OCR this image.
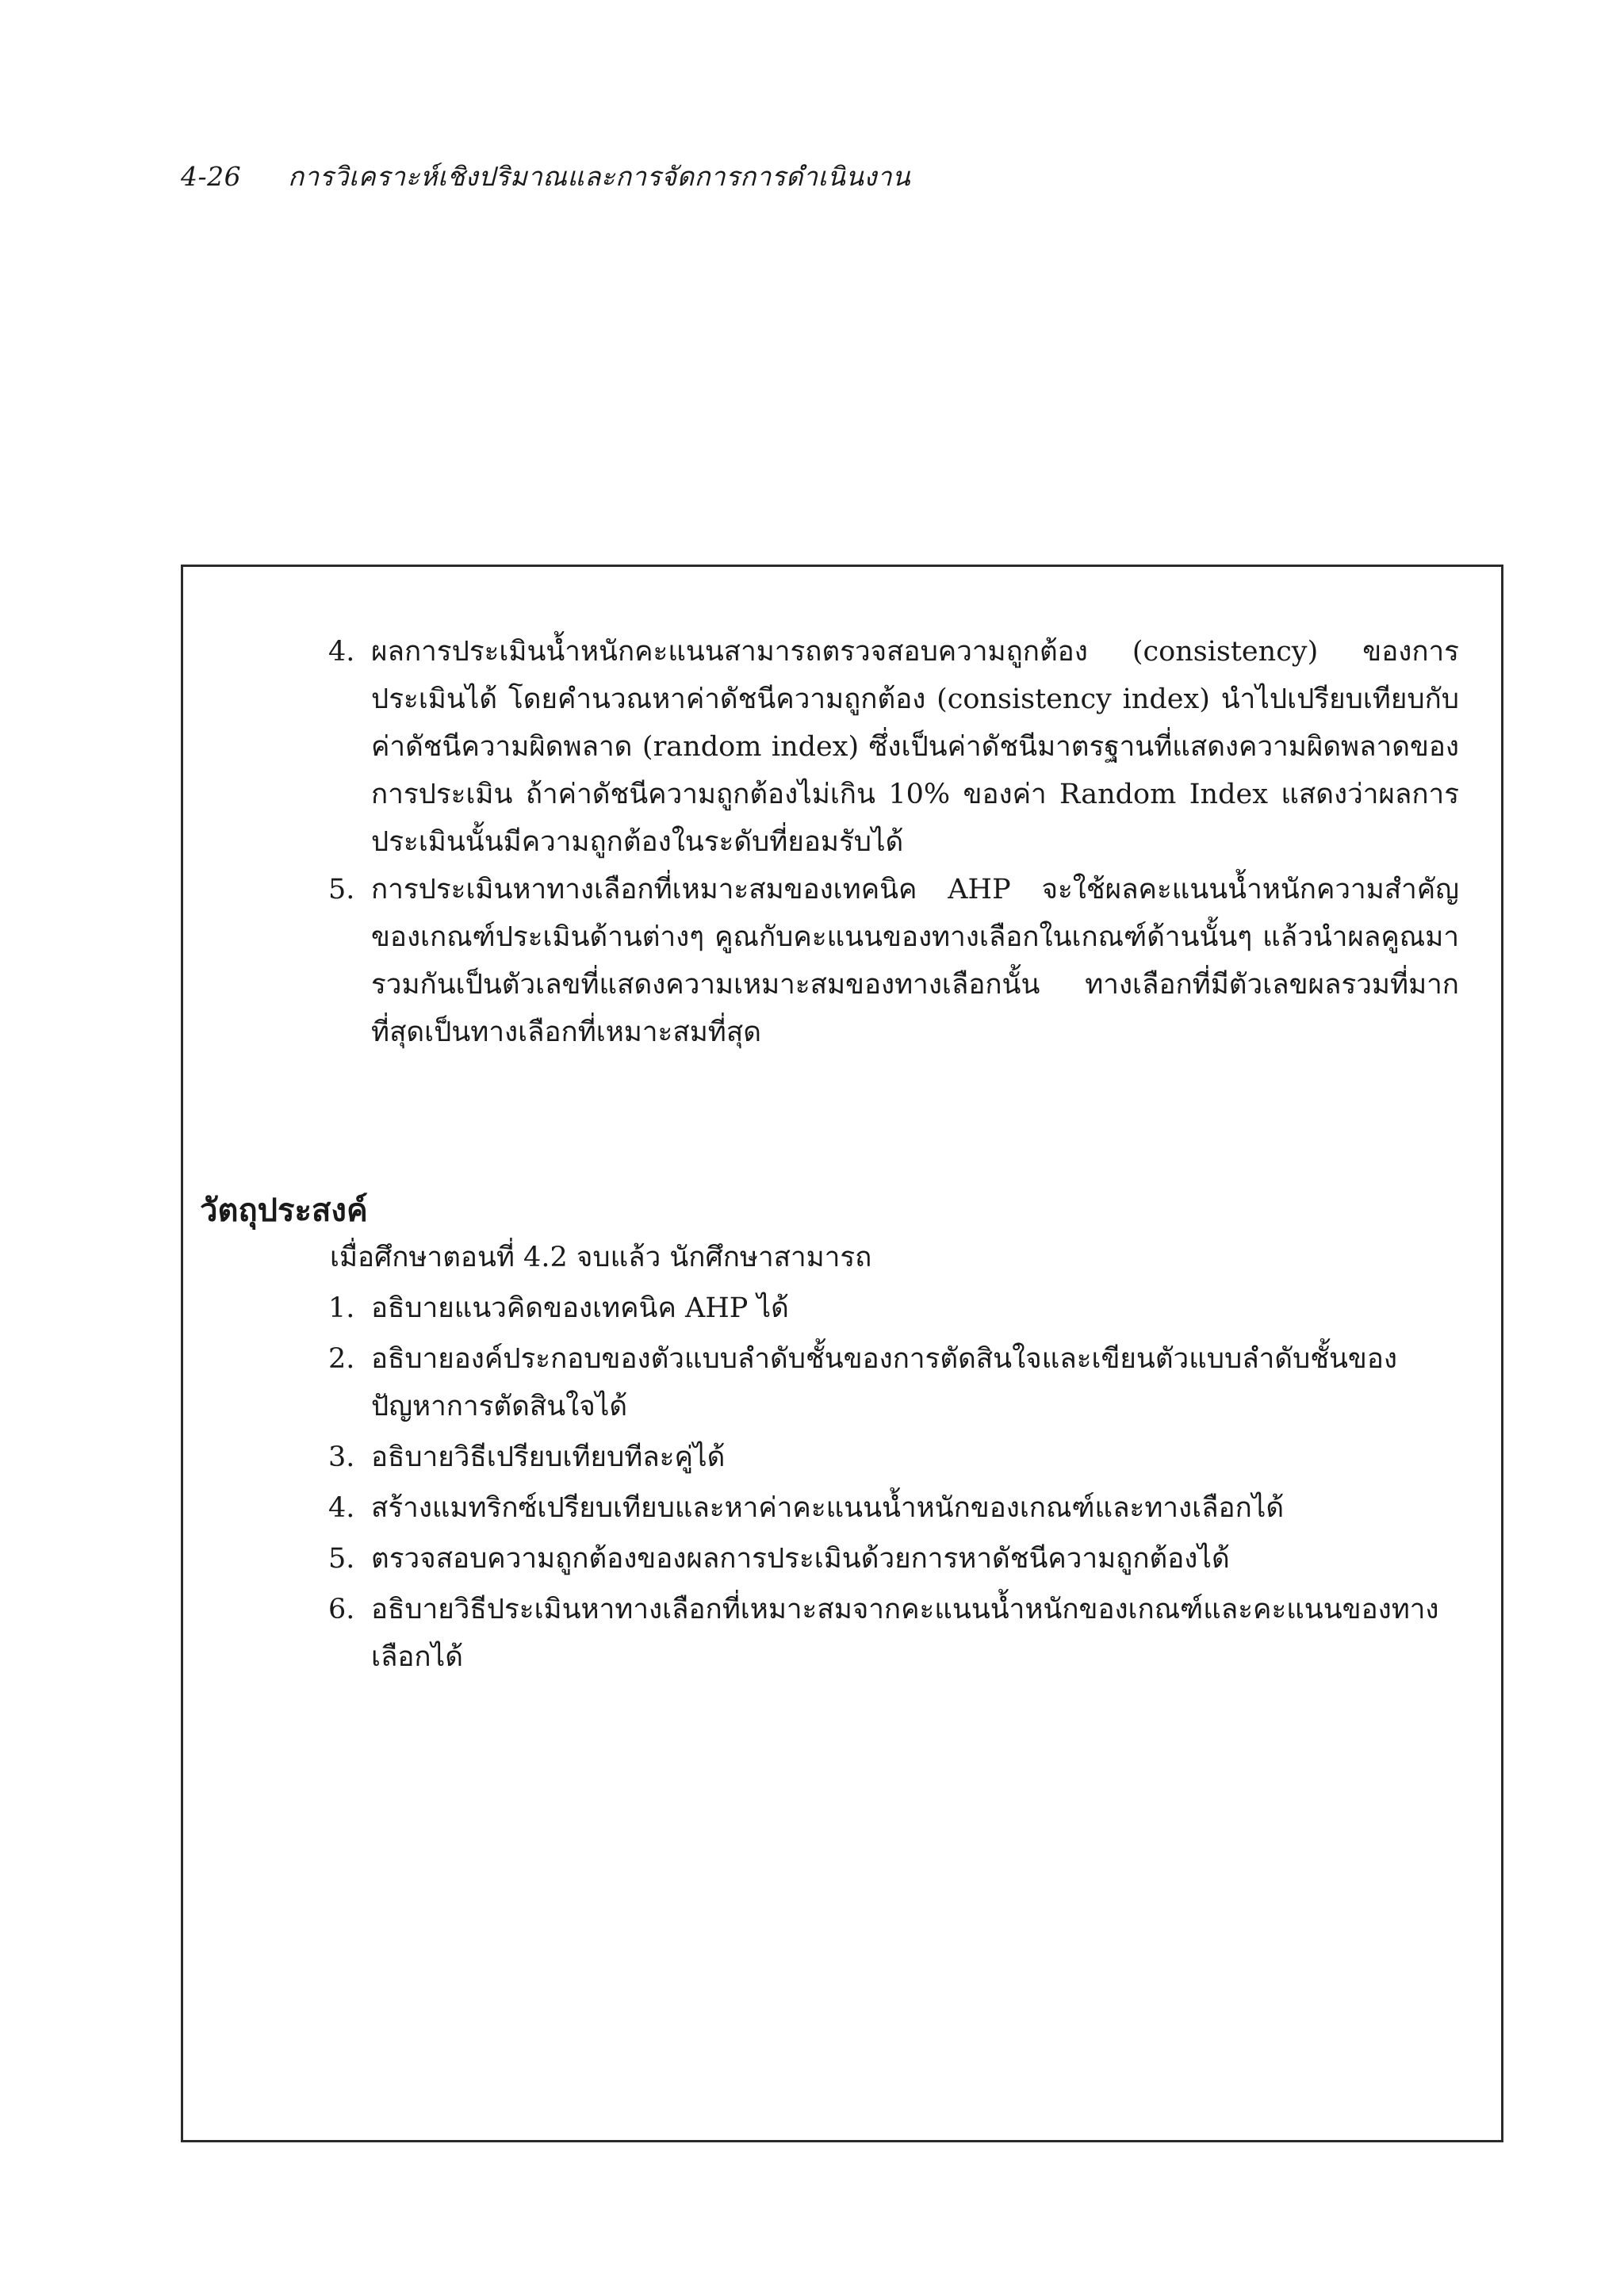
4-26 การวิเคราะห์เชิงปริมาณและการจัดการการดำเนินงาน
4. ผลการประเมินน้ำหนักคะแนนสามารถตรวจสอบความถูกต้อง (consistency) ของการประเมินได้ โดยคำนวณหาค่าดัชนีความถูกต้อง (consistency index) นำไปเปรียบเทียบกับค่าดัชนีความผิดพลาด (random index) ซึ่งเป็นค่าดัชนีมาตรฐานที่แสดงความผิดพลาดของการประเมิน ถ้าค่าดัชนีความถูกต้องไม่เกิน 10% ของค่า Random Index แสดงว่าผลการประเมินนั้นมีความถูกต้องในระดับที่ยอมรับได้
5. การประเมินหาทางเลือกที่เหมาะสมของเทคนิค AHP จะใช้ผลคะแนนน้ำหนักความสำคัญของเกณฑ์ประเมินด้านต่างๆ คูณกับคะแนนของทางเลือกในเกณฑ์ด้านนั้นๆ แล้วนำผลคูณมารวมกันเป็นตัวเลขที่แสดงความเหมาะสมของทางเลือกนั้น ทางเลือกที่มีตัวเลขผลรวมที่มากที่สุดเป็นทางเลือกที่เหมาะสมที่สุด
วัตถุประสงค์
เมื่อศึกษาตอนที่ 4.2 จบแล้ว นักศึกษาสามารถ
1. อธิบายแนวคิดของเทคนิค AHP ได้
2. อธิบายองค์ประกอบของตัวแบบลำดับชั้นของการตัดสินใจและเขียนตัวแบบลำดับชั้นของปัญหาการตัดสินใจได้
3. อธิบายวิธีเปรียบเทียบทีละคู่ได้
4. สร้างแมทริกซ์เปรียบเทียบและหาค่าคะแนนน้ำหนักของเกณฑ์และทางเลือกได้
5. ตรวจสอบความถูกต้องของผลการประเมินด้วยการหาดัชนีความถูกต้องได้
6. อธิบายวิธีประเมินหาทางเลือกที่เหมาะสมจากคะแนนน้ำหนักของเกณฑ์และคะแนนของทางเลือกได้
